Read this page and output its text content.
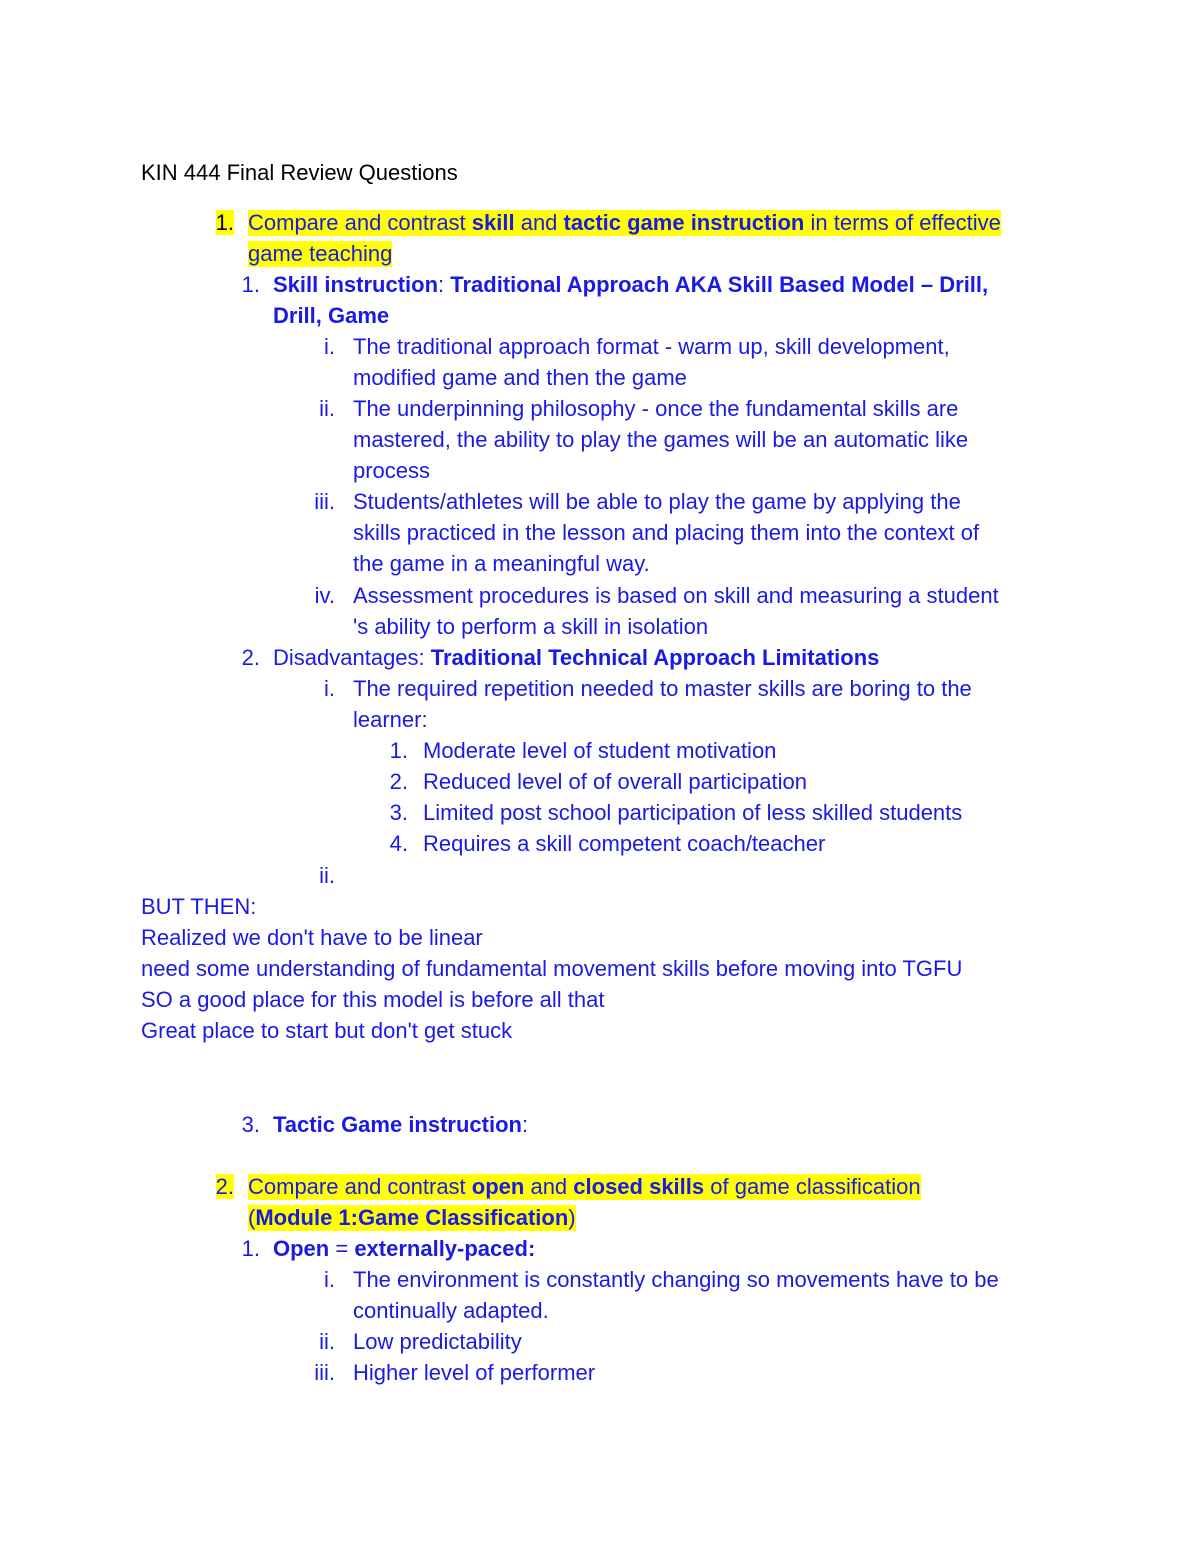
KIN 444 Final Review Questions
1. Compare and contrast skill and tactic game instruction in terms of effective
game teaching
1. Skill instruction: Traditional Approach AKA Skill Based Model – Drill,
Drill, Game
i. The traditional approach format - warm up, skill development,
modified game and then the game
ii. The underpinning philosophy - once the fundamental skills are
mastered, the ability to play the games will be an automatic like
process
iii. Students/athletes will be able to play the game by applying the
skills practiced in the lesson and placing them into the context of
the game in a meaningful way.
iv. Assessment procedures is based on skill and measuring a student
's ability to perform a skill in isolation
2. Disadvantages: Traditional Technical Approach Limitations
i. The required repetition needed to master skills are boring to the
learner:
1. Moderate level of student motivation
2. Reduced level of of overall participation
3. Limited post school participation of less skilled students
4. Requires a skill competent coach/teacher
ii.
BUT THEN:
Realized we don't have to be linear
need some understanding of fundamental movement skills before moving into TGFU
SO a good place for this model is before all that
Great place to start but don't get stuck
3. Tactic Game instruction:
2. Compare and contrast open and closed skills of game classification
(Module 1:Game Classification)
1. Open = externally-paced:
i. The environment is constantly changing so movements have to be
continually adapted.
ii. Low predictability
iii. Higher level of performer
